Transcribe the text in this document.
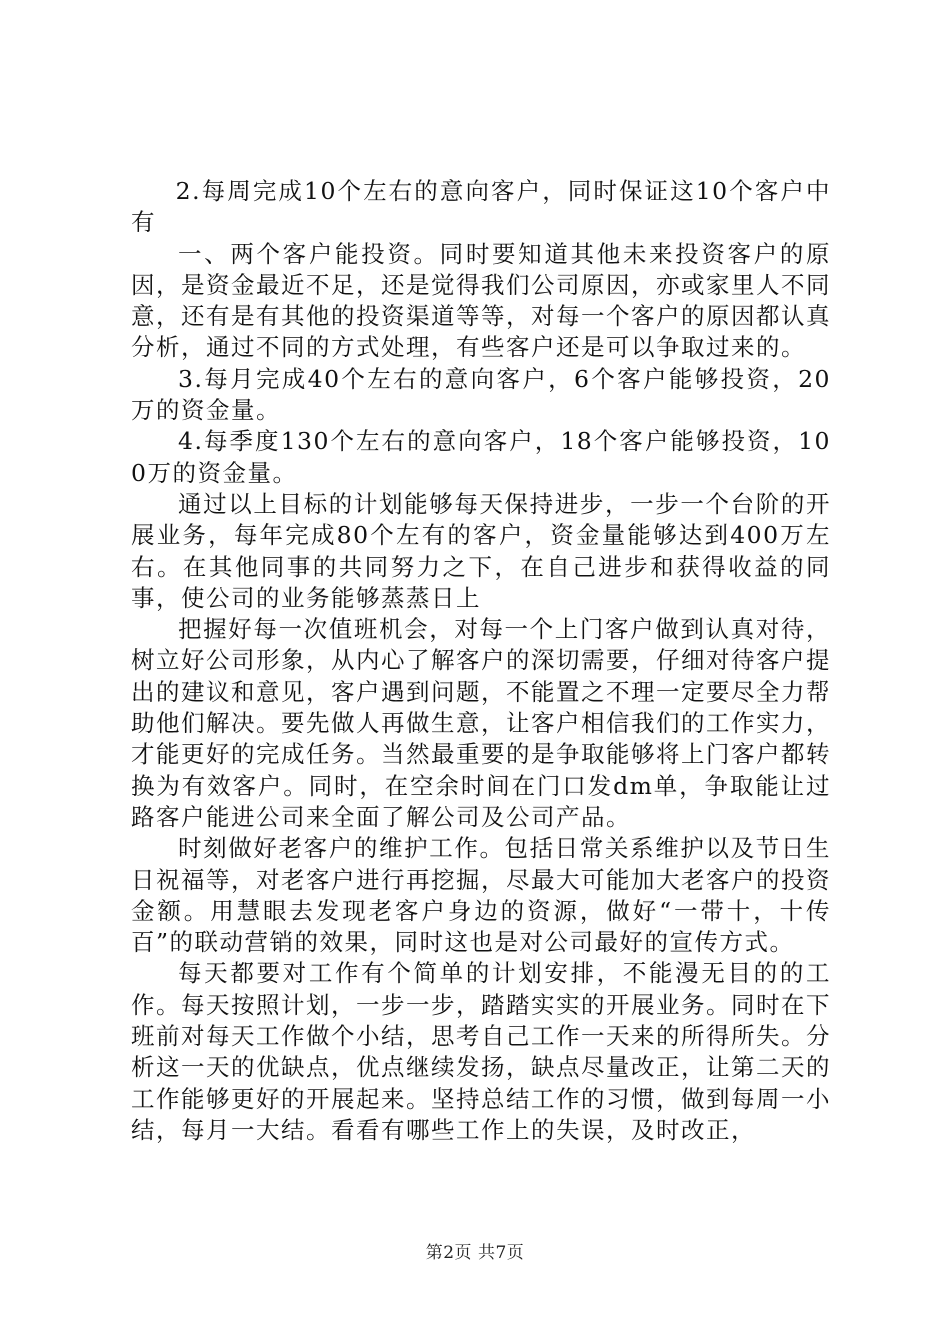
2.每周完成10个左右的意向客户，同时保证这10个客户中有

一、两个客户能投资。同时要知道其他未来投资客户的原因，是资金最近不足，还是觉得我们公司原因，亦或家里人不同意，还有是有其他的投资渠道等等，对每一个客户的原因都认真分析，通过不同的方式处理，有些客户还是可以争取过来的。

3.每月完成40个左右的意向客户，6个客户能够投资，20万的资金量。

4.每季度130个左右的意向客户，18个客户能够投资，100万的资金量。

通过以上目标的计划能够每天保持进步，一步一个台阶的开展业务，每年完成80个左有的客户，资金量能够达到400万左右。在其他同事的共同努力之下，在自己进步和获得收益的同事，使公司的业务能够蒸蒸日上

把握好每一次值班机会，对每一个上门客户做到认真对待，树立好公司形象，从内心了解客户的深切需要，仔细对待客户提出的建议和意见，客户遇到问题，不能置之不理一定要尽全力帮助他们解决。要先做人再做生意，让客户相信我们的工作实力，才能更好的完成任务。当然最重要的是争取能够将上门客户都转换为有效客户。同时，在空余时间在门口发dm单，争取能让过路客户能进公司来全面了解公司及公司产品。

时刻做好老客户的维护工作。包括日常关系维护以及节日生日祝福等，对老客户进行再挖掘，尽最大可能加大老客户的投资金额。用慧眼去发现老客户身边的资源，做好“一带十，十传百”的联动营销的效果，同时这也是对公司最好的宣传方式。

每天都要对工作有个简单的计划安排，不能漫无目的的工作。每天按照计划，一步一步，踏踏实实的开展业务。同时在下班前对每天工作做个小结，思考自己工作一天来的所得所失。分析这一天的优缺点，优点继续发扬，缺点尽量改正，让第二天的工作能够更好的开展起来。坚持总结工作的习惯，做到每周一小结，每月一大结。看看有哪些工作上的失误，及时改正，

第2页 共7页
